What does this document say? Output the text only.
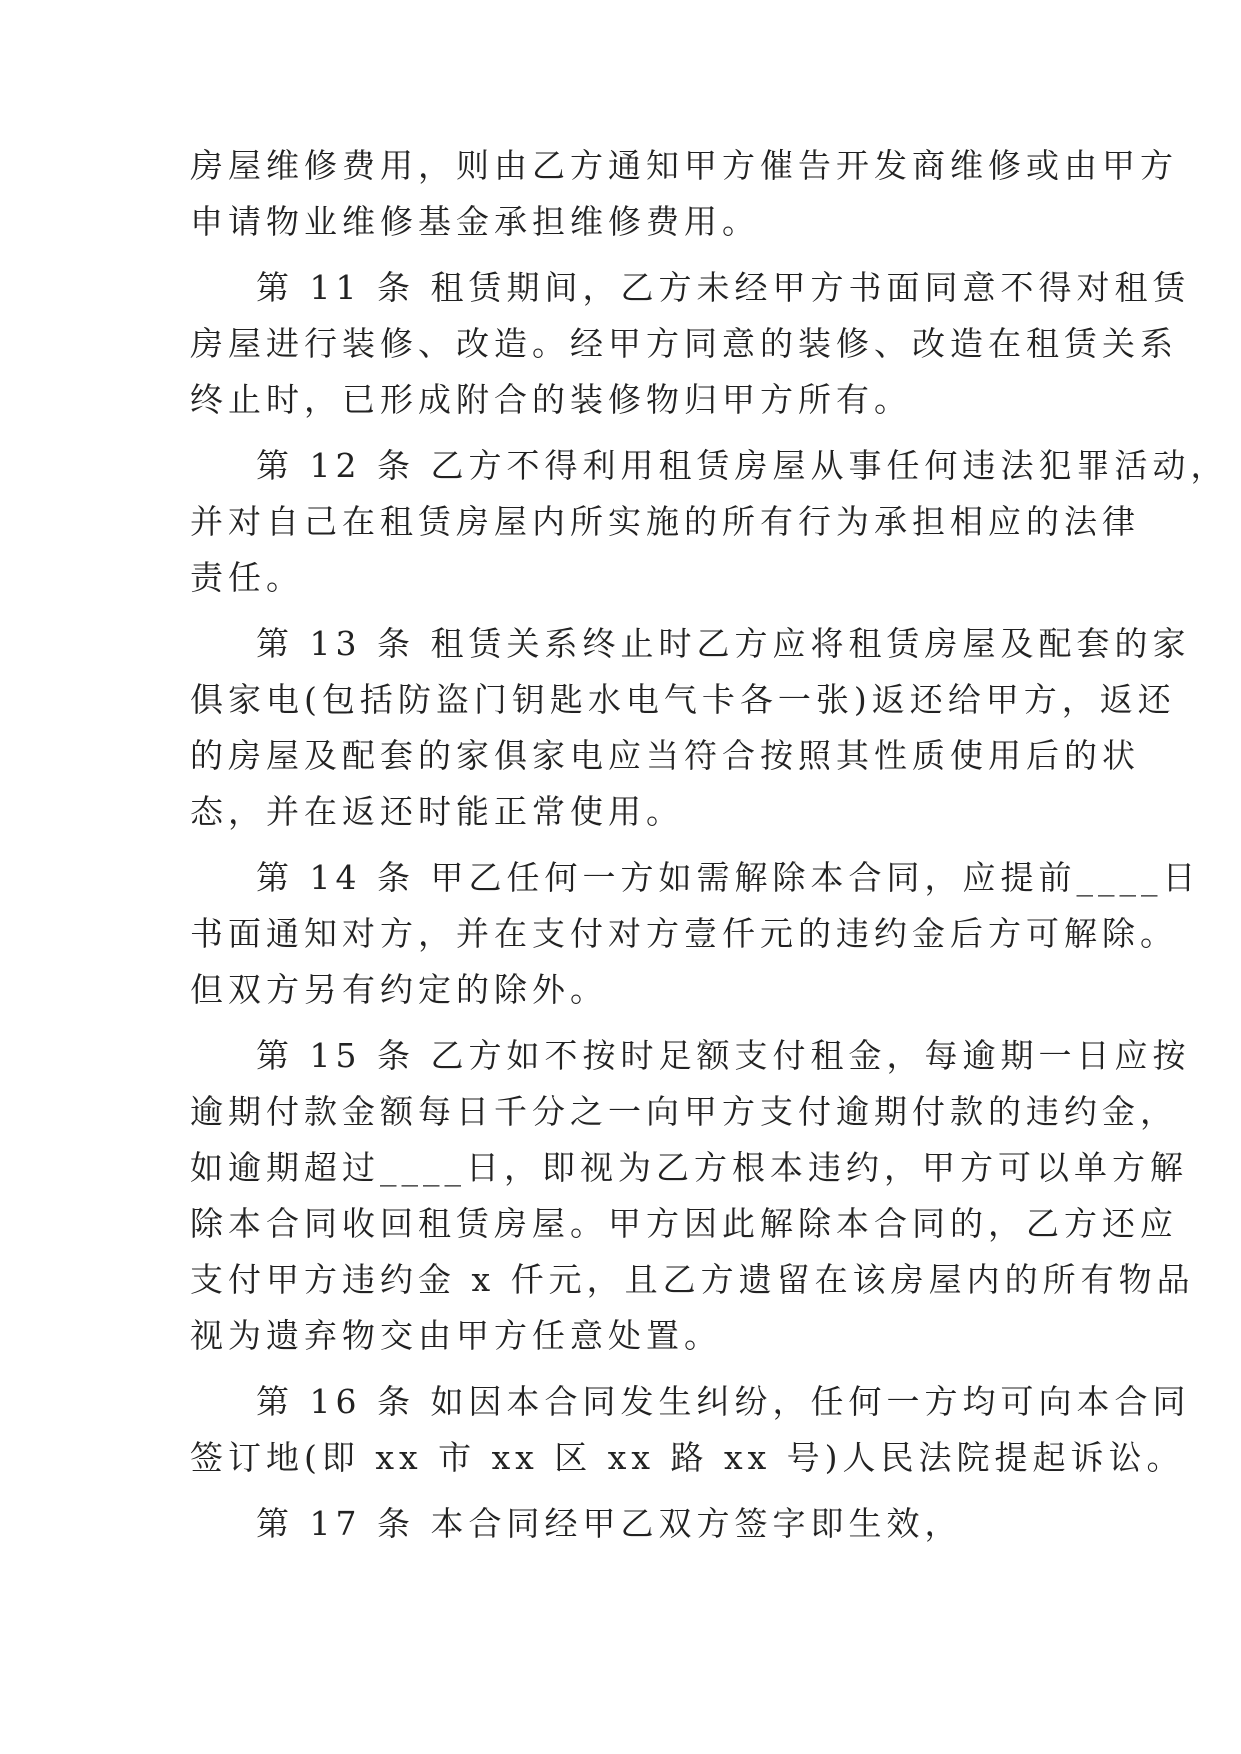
房屋维修费用，则由乙方通知甲方催告开发商维修或由甲方
申请物业维修基金承担维修费用。
第 11 条 租赁期间，乙方未经甲方书面同意不得对租赁
房屋进行装修、改造。经甲方同意的装修、改造在租赁关系
终止时，已形成附合的装修物归甲方所有。
第 12 条 乙方不得利用租赁房屋从事任何违法犯罪活动，
并对自己在租赁房屋内所实施的所有行为承担相应的法律
责任。
第 13 条 租赁关系终止时乙方应将租赁房屋及配套的家
俱家电(包括防盗门钥匙水电气卡各一张)返还给甲方，返还
的房屋及配套的家俱家电应当符合按照其性质使用后的状
态，并在返还时能正常使用。
第 14 条 甲乙任何一方如需解除本合同，应提前____日
书面通知对方，并在支付对方壹仟元的违约金后方可解除。
但双方另有约定的除外。
第 15 条 乙方如不按时足额支付租金，每逾期一日应按
逾期付款金额每日千分之一向甲方支付逾期付款的违约金，
如逾期超过____日，即视为乙方根本违约，甲方可以单方解
除本合同收回租赁房屋。甲方因此解除本合同的，乙方还应
支付甲方违约金 x 仟元，且乙方遗留在该房屋内的所有物品
视为遗弃物交由甲方任意处置。
第 16 条 如因本合同发生纠纷，任何一方均可向本合同
签订地(即 xx 市 xx 区 xx 路 xx 号)人民法院提起诉讼。
第 17 条 本合同经甲乙双方签字即生效，
